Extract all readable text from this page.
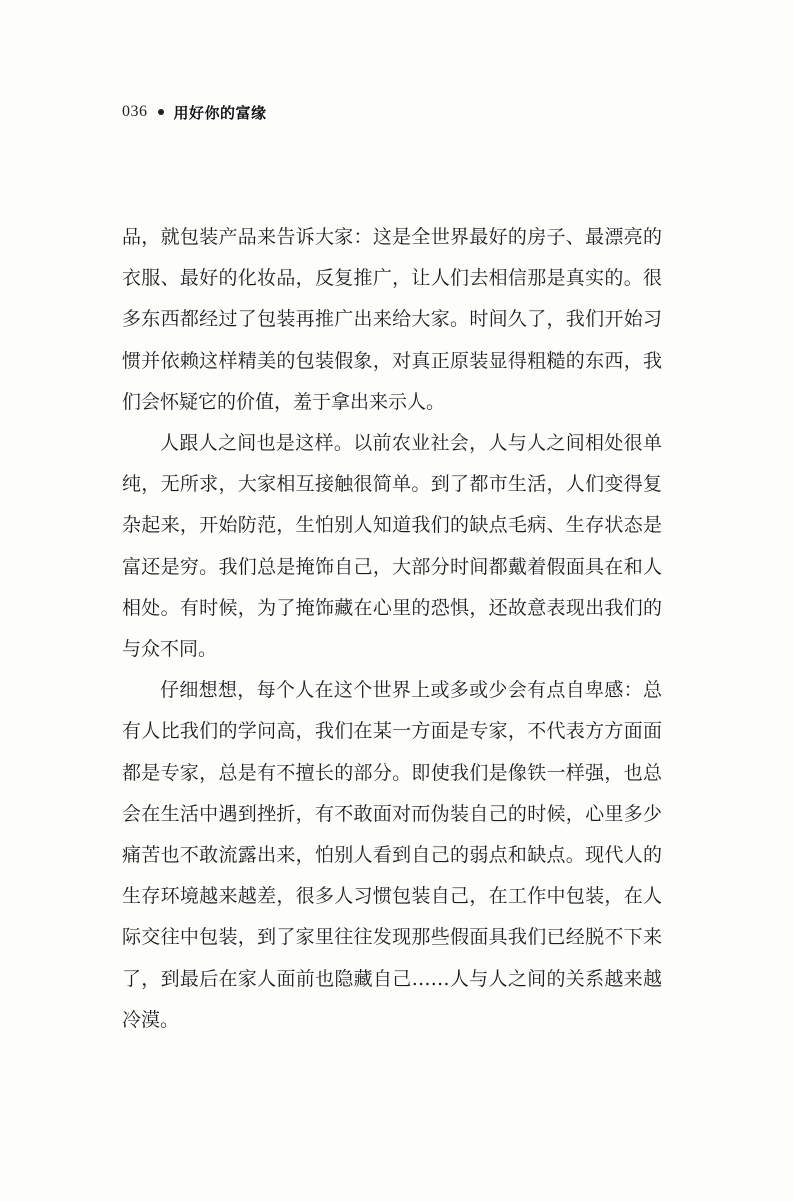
036 用好你的富缘

品，就包装产品来告诉大家：这是全世界最好的房子、最漂亮的衣服、最好的化妆品，反复推广，让人们去相信那是真实的。很多东西都经过了包装再推广出来给大家。时间久了，我们开始习惯并依赖这样精美的包装假象，对真正原装显得粗糙的东西，我们会怀疑它的价值，羞于拿出来示人。

人跟人之间也是这样。以前农业社会，人与人之间相处很单纯，无所求，大家相互接触很简单。到了都市生活，人们变得复杂起来，开始防范，生怕别人知道我们的缺点毛病、生存状态是富还是穷。我们总是掩饰自己，大部分时间都戴着假面具在和人相处。有时候，为了掩饰藏在心里的恐惧，还故意表现出我们的与众不同。

仔细想想，每个人在这个世界上或多或少会有点自卑感：总有人比我们的学问高，我们在某一方面是专家，不代表方方面面都是专家，总是有不擅长的部分。即使我们是像铁一样强，也总会在生活中遇到挫折，有不敢面对而伪装自己的时候，心里多少痛苦也不敢流露出来，怕别人看到自己的弱点和缺点。现代人的生存环境越来越差，很多人习惯包装自己，在工作中包装，在人际交往中包装，到了家里往往发现那些假面具我们已经脱不下来了，到最后在家人面前也隐藏自己……人与人之间的关系越来越冷漠。
